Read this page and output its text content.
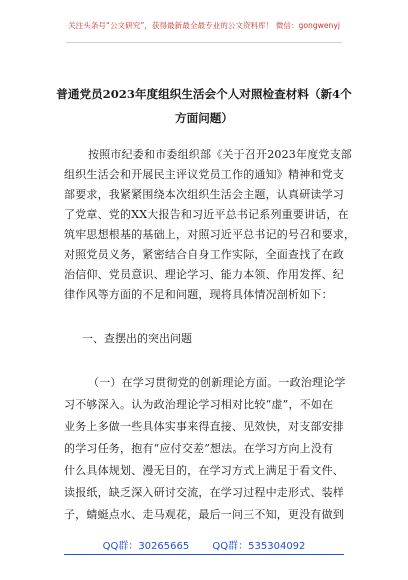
关注头条号“公文研究”，获得最新最全最专业的公文资料库！ 微信：gongwenyj
普通党员2023年度组织生活会个人对照检查材料（新4个
方面问题）
按照市纪委和市委组织部《关于召开2023年度党支部
组织生活会和开展民主评议党员工作的通知》精神和党支
部要求，我紧紧围绕本次组织生活会主题，认真研读学习
了党章、党的XX大报告和习近平总书记系列重要讲话，在
筑牢思想根基的基础上，对照习近平总书记的号召和要求，
对照党员义务，紧密结合自身工作实际，全面查找了在政
治信仰、党员意识、理论学习、能力本领、作用发挥、纪
律作风等方面的不足和问题，现将具体情况剖析如下：
一、查摆出的突出问题
（一）在学习贯彻党的创新理论方面。一政治理论学
习不够深入。认为政治理论学习相对比较“虚”，不如在
业务上多做一些具体实事来得直接、见效快，对支部安排
的学习任务，抱有“应付交差”想法。在学习方向上没有
什么具体规划、漫无目的，在学习方式上满足于看文件、
读报纸，缺乏深入研讨交流，在学习过程中走形式、装样
子，蜻蜓点水、走马观花，最后一问三不知，更没有做到
QQ群：30265665 QQ群：535304092
